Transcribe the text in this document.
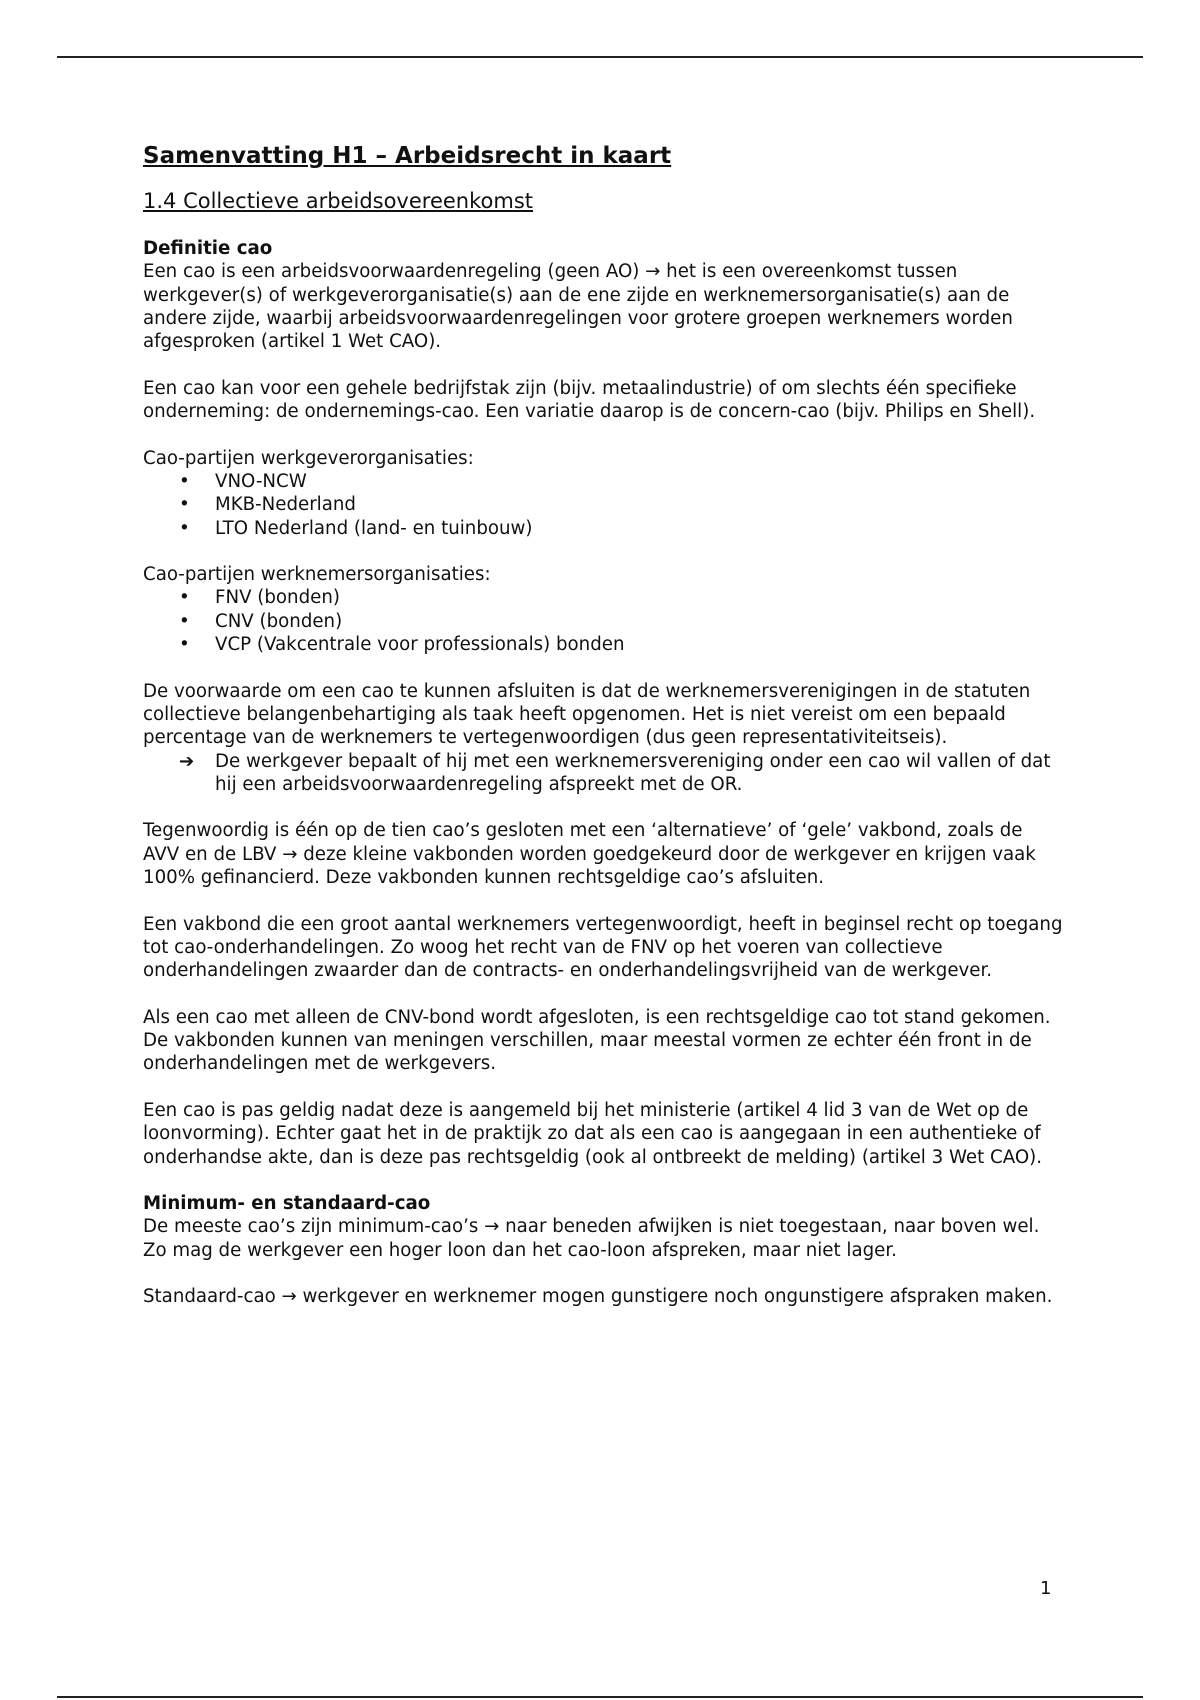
Samenvatting H1 – Arbeidsrecht in kaart
1.4 Collectieve arbeidsovereenkomst
Definitie cao

Een cao is een arbeidsvoorwaardenregeling (geen AO) → het is een overeenkomst tussen werkgever(s) of werkgeverorganisatie(s) aan de ene zijde en werknemersorganisatie(s) aan de andere zijde, waarbij arbeidsvoorwaardenregelingen voor grotere groepen werknemers worden afgesproken (artikel 1 Wet CAO).

Een cao kan voor een gehele bedrijfstak zijn (bijv. metaalindustrie) of om slechts één specifieke onderneming: de ondernemings-cao. Een variatie daarop is de concern-cao (bijv. Philips en Shell).

Cao-partijen werkgeverorganisaties:

• VNO-NCW
• MKB-Nederland
• LTO Nederland (land- en tuinbouw)

Cao-partijen werknemersorganisaties:

• FNV (bonden)
• CNV (bonden)
• VCP (Vakcentrale voor professionals) bonden

De voorwaarde om een cao te kunnen afsluiten is dat de werknemersverenigingen in de statuten collectieve belangenbehartiging als taak heeft opgenomen. Het is niet vereist om een bepaald percentage van de werknemers te vertegenwoordigen (dus geen representativiteitseis).

➔ De werkgever bepaalt of hij met een werknemersvereniging onder een cao wil vallen of dat hij een arbeidsvoorwaardenregeling afspreekt met de OR.

Tegenwoordig is één op de tien cao’s gesloten met een ‘alternatieve’ of ‘gele’ vakbond, zoals de AVV en de LBV → deze kleine vakbonden worden goedgekeurd door de werkgever en krijgen vaak 100% gefinancierd. Deze vakbonden kunnen rechtsgeldige cao’s afsluiten.

Een vakbond die een groot aantal werknemers vertegenwoordigt, heeft in beginsel recht op toegang tot cao-onderhandelingen. Zo woog het recht van de FNV op het voeren van collectieve onderhandelingen zwaarder dan de contracts- en onderhandelingsvrijheid van de werkgever.

Als een cao met alleen de CNV-bond wordt afgesloten, is een rechtsgeldige cao tot stand gekomen. De vakbonden kunnen van meningen verschillen, maar meestal vormen ze echter één front in de onderhandelingen met de werkgevers.

Een cao is pas geldig nadat deze is aangemeld bij het ministerie (artikel 4 lid 3 van de Wet op de loonvorming). Echter gaat het in de praktijk zo dat als een cao is aangegaan in een authentieke of onderhandse akte, dan is deze pas rechtsgeldig (ook al ontbreekt de melding) (artikel 3 Wet CAO).

Minimum- en standaard-cao

De meeste cao’s zijn minimum-cao’s → naar beneden afwijken is niet toegestaan, naar boven wel.

Zo mag de werkgever een hoger loon dan het cao-loon afspreken, maar niet lager.

Standaard-cao → werkgever en werknemer mogen gunstigere noch ongunstigere afspraken maken.

1
